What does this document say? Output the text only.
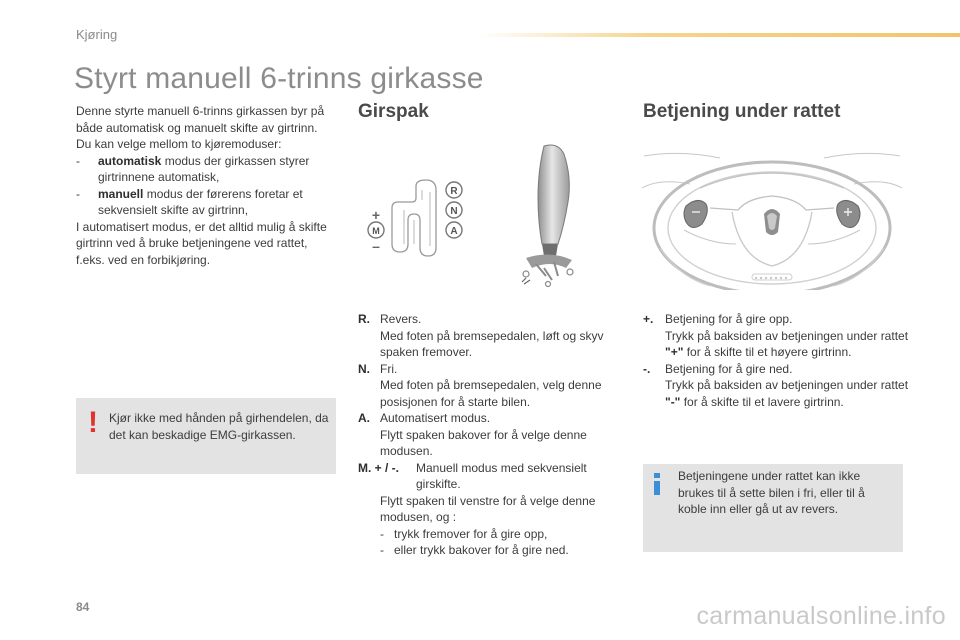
Kjøring
Styrt manuell 6-trinns girkasse

Denne styrte manuell 6-trinns girkassen byr på både automatisk og manuelt skifte av girtrinn.

Du kan velge mellom to kjøremoduser:

- automatisk modus der girkassen styrer girtrinnene automatisk,
- manuell modus der førerens foretar et sekvensielt skifte av girtrinn,

I automatisert modus, er det alltid mulig å skifte girtrinn ved å bruke betjeningene ved rattet, f.eks. ved en forbikjøring.

! Kjør ikke med hånden på girhendelen, da det kan beskadige EMG-girkassen.
Girspak
R
N
A
M
+
–
R. Revers.
Med foten på bremsepedalen, løft og skyv spaken fremover.
N. Fri.
Med foten på bremsepedalen, velg denne posisjonen for å starte bilen.
A. Automatisert modus.
Flytt spaken bakover for å velge denne modusen.
M. + / -. Manuell modus med sekvensielt girskifte.
Flytt spaken til venstre for å velge denne modusen, og :
- trykk fremover for å gire opp,
- eller trykk bakover for å gire ned.
Betjening under rattet
+. Betjening for å gire opp.
Trykk på baksiden av betjeningen under rattet "+" for å skifte til et høyere girtrinn.
-. Betjening for å gire ned.
Trykk på baksiden av betjeningen under rattet "-" for å skifte til et lavere girtrinn.
Betjeningene under rattet kan ikke brukes til å sette bilen i fri, eller til å koble inn eller gå ut av revers.
84	carmanualsonline.info
